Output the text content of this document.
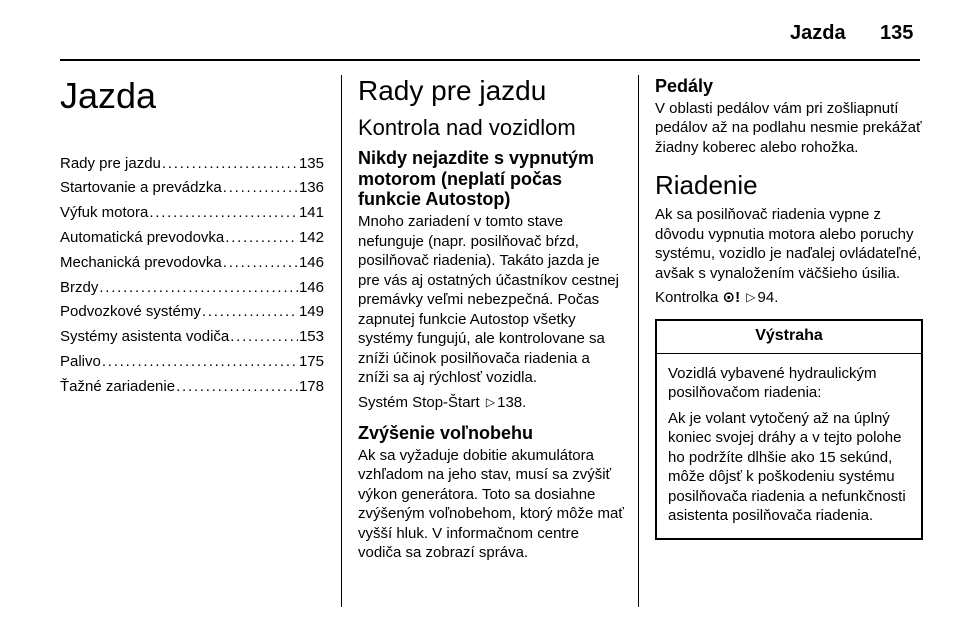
Jazda 135
Jazda
Rady pre jazdu . . .	135
Startovanie a prevádzka . . .	136
Výfuk motora . . .	141
Automatická prevodovka . . .	142
Mechanická prevodovka . . .	146
Brzdy . . .	146
Podvozkové systémy . . .	149
Systémy asistenta vodiča . . .	153
Palivo . . .	175
Ťažné zariadenie . . .	178
Rady pre jazdu
Kontrola nad vozidlom
Nikdy nejazdite s vypnutým motorom (neplatí počas funkcie Autostop)
Mnoho zariadení v tomto stave nefunguje (napr. posilňovač bŕzd, posilňovač riadenia). Takáto jazda je pre vás aj ostatných účastníkov cestnej premávky veľmi nebezpečná. Počas zapnutej funkcie Autostop všetky systémy fungujú, ale kontrolovane sa zníži účinok posilňovača riadenia a zníži sa aj rýchlosť vozidla.
Systém Stop-Štart ▷ 138.
Zvýšenie voľnobehu
Ak sa vyžaduje dobitie akumulátora vzhľadom na jeho stav, musí sa zvýšiť výkon generátora. Toto sa dosiahne zvýšeným voľnobehom, ktorý môže mať vyšší hluk. V informačnom centre vodiča sa zobrazí správa.
Pedály
V oblasti pedálov vám pri zošliapnutí pedálov až na podlahu nesmie prekážať žiadny koberec alebo rohožka.
Riadenie
Ak sa posilňovač riadenia vypne z dôvodu vypnutia motora alebo poruchy systému, vozidlo je naďalej ovládateľné, avšak s vynaložením väčšieho úsilia.
Kontrolka ⊙! ▷ 94.
Výstraha
Vozidlá vybavené hydraulickým posilňovačom riadenia:
Ak je volant vytočený až na úplný koniec svojej dráhy a v tejto polohe ho podržíte dlhšie ako 15 sekúnd, môže dôjsť k poškodeniu systému posilňovača riadenia a nefunkčnosti asistenta posilňovača riadenia.
